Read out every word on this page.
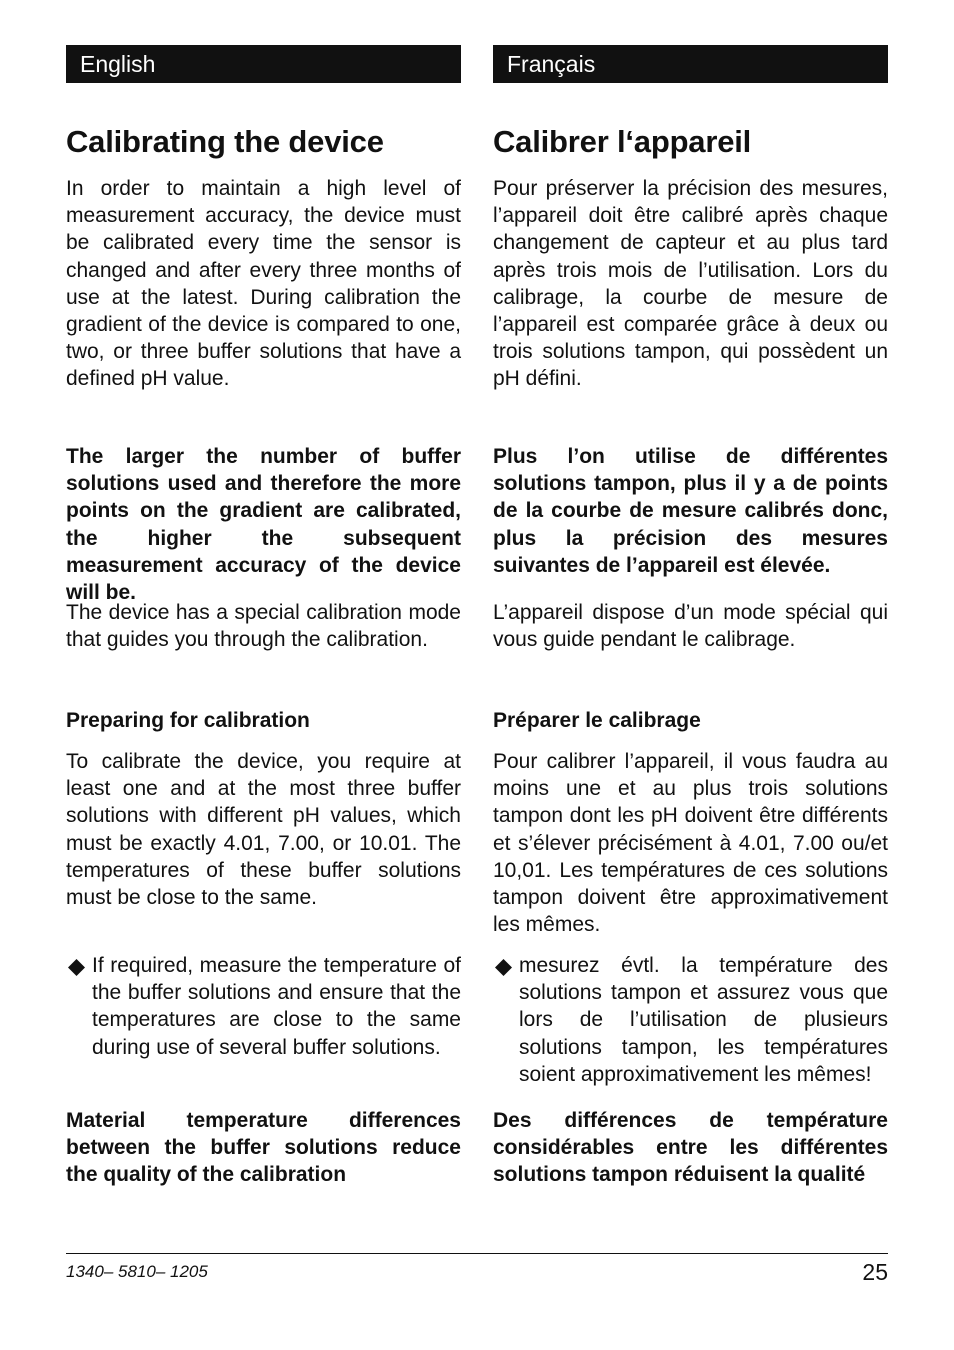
English
Calibrating the device

In order to maintain a high level of measurement accuracy, the device must be calibrated every time the sensor is changed and after every three months of use at the latest. During calibration the gradient of the device is compared to one, two, or three buffer solutions that have a defined pH value.

The larger the number of buffer solutions used and therefore the more points on the gradient are calibrated, the higher the subsequent measurement accuracy of the device will be.

The device has a special calibration mode that guides you through the calibration.

Preparing for calibration

To calibrate the device, you require at least one and at the most three buffer solutions with different pH values, which must be exactly 4.01, 7.00, or 10.01. The temperatures of these buffer solutions must be close to the same.

If required, measure the temperature of the buffer solutions and ensure that the temperatures are close to the same during use of several buffer solutions.

Material temperature differences between the buffer solutions reduce the quality of the calibration

Français
Calibrer l‘appareil

Pour préserver la précision des mesures, l’appareil doit être calibré après chaque changement de capteur et au plus tard après trois mois de l’utilisation. Lors du calibrage, la courbe de mesure de l’appareil est comparée grâce à deux ou trois solutions tampon, qui possèdent un pH défini.

Plus l’on utilise de différentes solutions tampon, plus il y a de points de la courbe de mesure calibrés donc, plus la précision des mesures suivantes de l’appareil est élevée.

L’appareil dispose d’un mode spécial qui vous guide pendant le calibrage.

Préparer le calibrage

Pour calibrer l’appareil, il vous faudra au moins une et au plus trois solutions tampon dont les pH doivent être différents et s’élever précisément à 4.01, 7.00 ou/et 10,01. Les températures de ces solutions tampon doivent être approximativement les mêmes.

mesurez évtl. la température des solutions tampon et assurez vous que lors de l’utilisation de plusieurs solutions tampon, les températures soient approximativement les mêmes!

Des différences de température considérables entre les différentes solutions tampon réduisent la qualité

1340– 5810– 1205	25
